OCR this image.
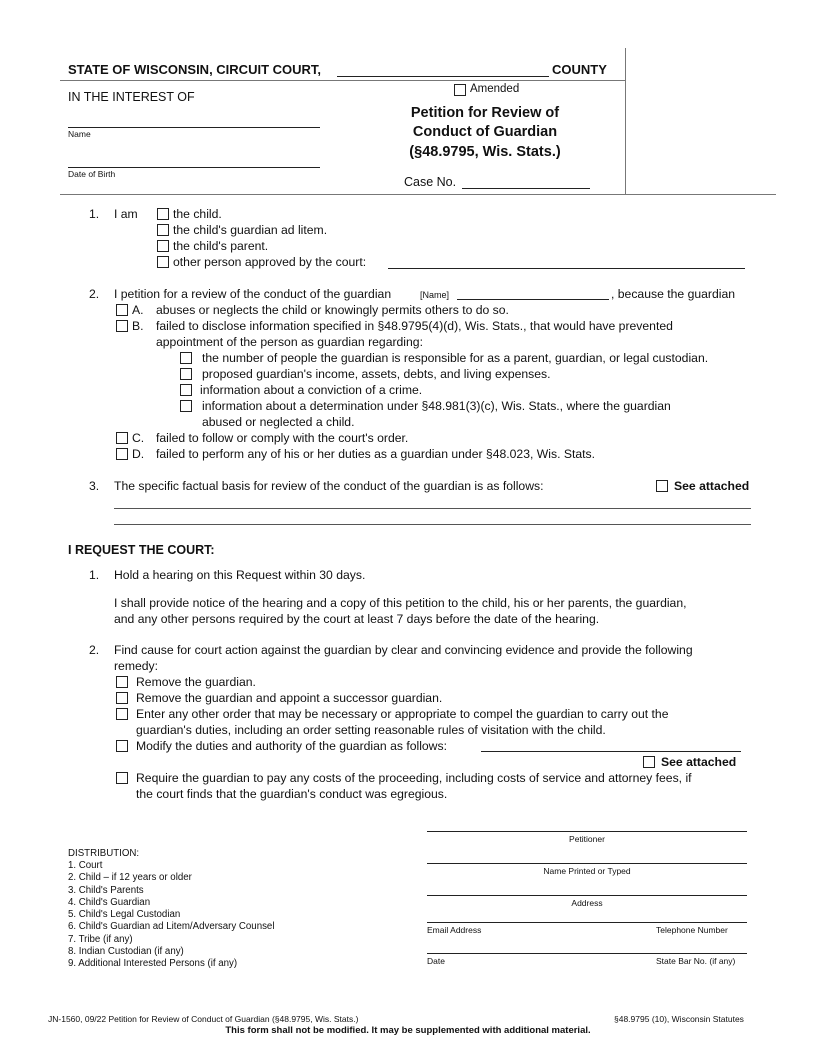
STATE OF WISCONSIN, CIRCUIT COURT,	COUNTY
IN THE INTEREST OF
Name
Date of Birth
Amended
Petition for Review of
Conduct of Guardian
(§48.9795, Wis. Stats.)
Case No.
1. I am	the child.
the child's guardian ad litem.
the child's parent.
other person approved by the court:
2. I petition for a review of the conduct of the guardian	[Name]	, because the guardian
A. abuses or neglects the child or knowingly permits others to do so.
B. failed to disclose information specified in §48.9795(4)(d), Wis. Stats., that would have prevented
appointment of the person as guardian regarding:
the number of people the guardian is responsible for as a parent, guardian, or legal custodian.
proposed guardian's income, assets, debts, and living expenses.
information about a conviction of a crime.
information about a determination under §48.981(3)(c), Wis. Stats., where the guardian
abused or neglected a child.
C. failed to follow or comply with the court's order.
D. failed to perform any of his or her duties as a guardian under §48.023, Wis. Stats.
3. The specific factual basis for review of the conduct of the guardian is as follows:	See attached
I REQUEST THE COURT:
1. Hold a hearing on this Request within 30 days.
I shall provide notice of the hearing and a copy of this petition to the child, his or her parents, the guardian,
and any other persons required by the court at least 7 days before the date of the hearing.
2. Find cause for court action against the guardian by clear and convincing evidence and provide the following
remedy:
Remove the guardian.
Remove the guardian and appoint a successor guardian.
Enter any other order that may be necessary or appropriate to compel the guardian to carry out the
guardian's duties, including an order setting reasonable rules of visitation with the child.
Modify the duties and authority of the guardian as follows:
See attached
Require the guardian to pay any costs of the proceeding, including costs of service and attorney fees, if
the court finds that the guardian's conduct was egregious.
DISTRIBUTION:
1. Court
2. Child – if 12 years or older
3. Child's Parents
4. Child's Guardian
5. Child's Legal Custodian
6. Child's Guardian ad Litem/Adversary Counsel
7. Tribe (if any)
8. Indian Custodian (if any)
9. Additional Interested Persons (if any)
Petitioner
Name Printed or Typed
Address
Email Address	Telephone Number
Date	State Bar No. (if any)
JN-1560, 09/22 Petition for Review of Conduct of Guardian (§48.9795, Wis. Stats.)	§48.9795 (10), Wisconsin Statutes
This form shall not be modified. It may be supplemented with additional material.
